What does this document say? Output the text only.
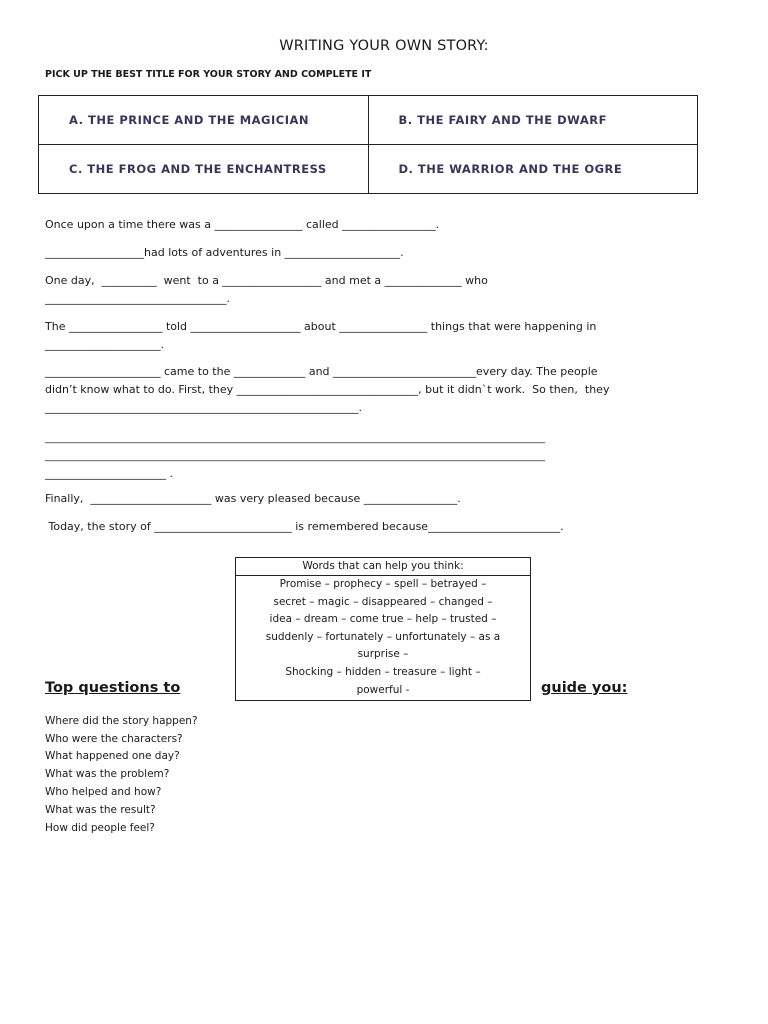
WRITING YOUR OWN STORY:
PICK UP THE BEST TITLE FOR YOUR STORY AND COMPLETE IT
A. THE PRINCE AND THE MAGICIAN	B. THE FAIRY AND THE DWARF
C. THE FROG AND THE ENCHANTRESS	D. THE WARRIOR AND THE OGRE
Once upon a time there was a ________________ called _________________.
__________________had lots of adventures in _____________________.
One day,  __________  went  to a __________________ and met a ______________ who
_________________________________.
The _________________ told ____________________ about ________________ things that were happening in
_____________________.
_____________________ came to the _____________ and __________________________every day. The people
didn’t know what to do. First, they _________________________________, but it didn`t work.  So then,  they
_________________________________________________________.
____________________________________________________________________________________________________
____________________________________________________________________________________________________
______________________ .
Finally,  ______________________ was very pleased because _________________.
Today, the story of _________________________ is remembered because________________________.
Words that can help you think:
Promise – prophecy – spell – betrayed –
secret – magic – disappeared – changed –
idea – dream – come true – help – trusted –
suddenly – fortunately – unfortunately – as a
surprise –
Shocking – hidden – treasure – light –
powerful -
Top questions to	guide you:
Where did the story happen?
Who were the characters?
What happened one day?
What was the problem?
Who helped and how?
What was the result?
How did people feel?
